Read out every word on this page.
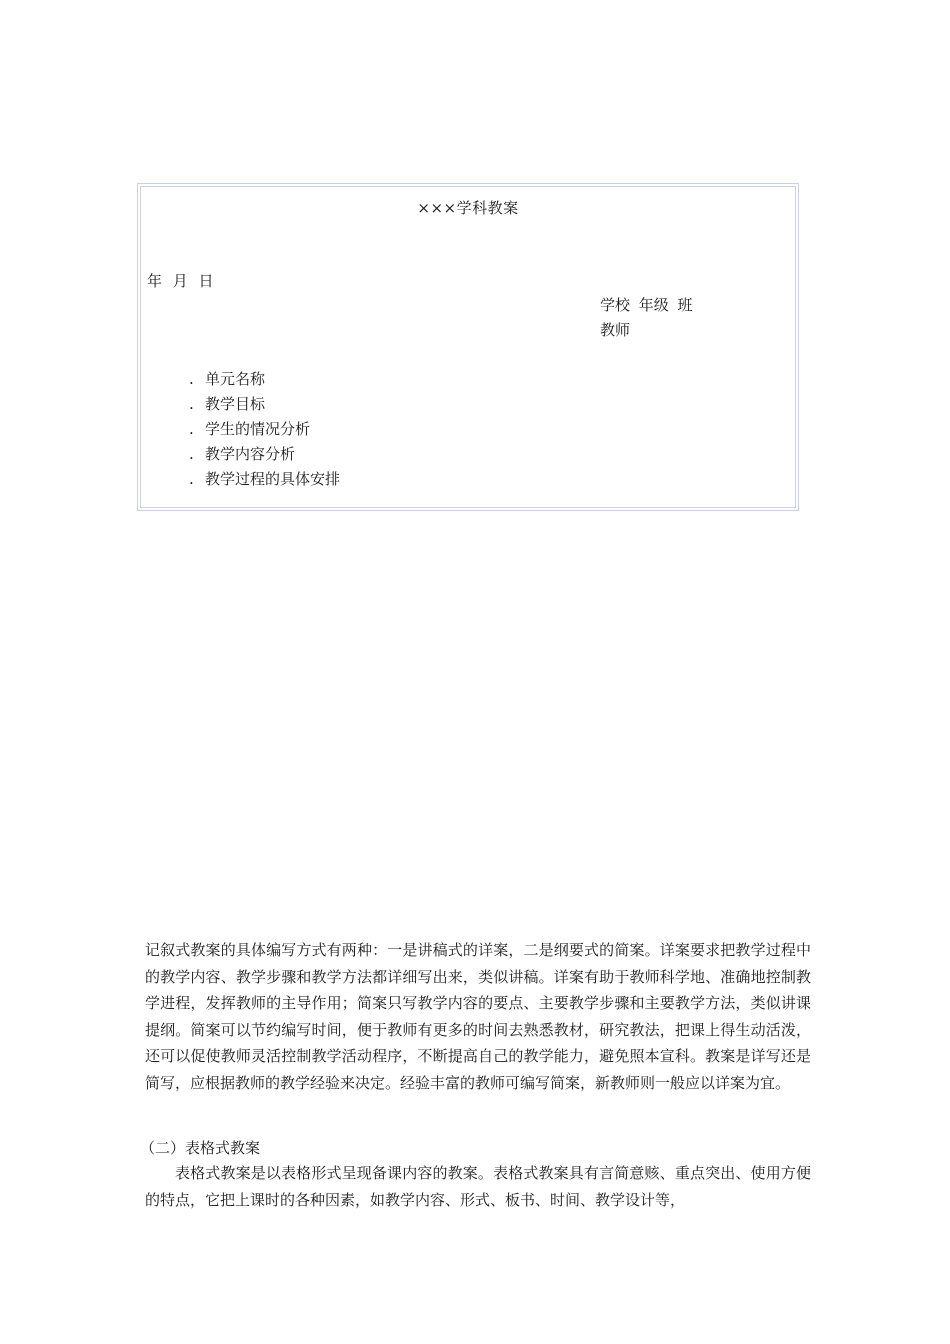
×××学科教案
年 月 日
学校 年级 班
教师
. 单元名称
. 教学目标
. 学生的情况分析
. 教学内容分析
. 教学过程的具体安排

记叙式教案的具体编写方式有两种：一是讲稿式的详案，二是纲要式的简案。详案要求把教学过程中的教学内容、教学步骤和教学方法都详细写出来，类似讲稿。详案有助于教师科学地、准确地控制教学进程，发挥教师的主导作用；简案只写教学内容的要点、主要教学步骤和主要教学方法，类似讲课提纲。简案可以节约编写时间，便于教师有更多的时间去熟悉教材，研究教法，把课上得生动活泼，还可以促使教师灵活控制教学活动程序，不断提高自己的教学能力，避免照本宣科。教案是详写还是简写，应根据教师的教学经验来决定。经验丰富的教师可编写简案，新教师则一般应以详案为宜。

（二）表格式教案

表格式教案是以表格形式呈现备课内容的教案。表格式教案具有言简意赅、重点突出、使用方便的特点，它把上课时的各种因素，如教学内容、形式、板书、时间、教学设计等，
